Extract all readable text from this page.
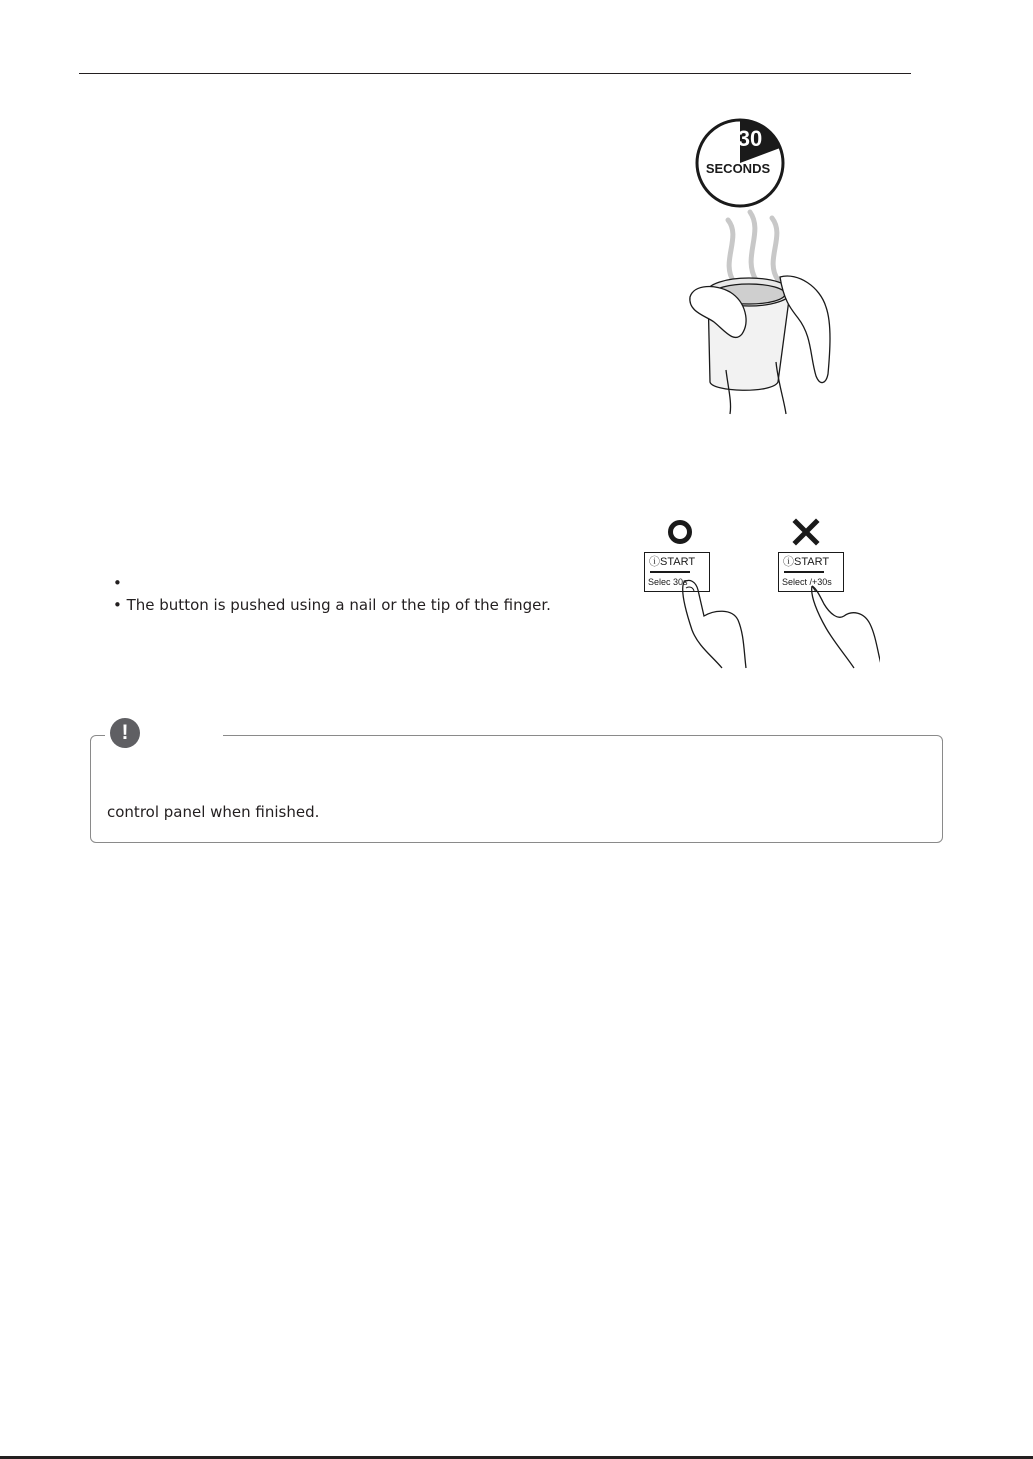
30
SECONDS
•
• The button is pushed using a nail or the tip of the finger.
ⓘSTART
Selec 30s
ⓘSTART
Select /+30s
!
control panel when finished.
